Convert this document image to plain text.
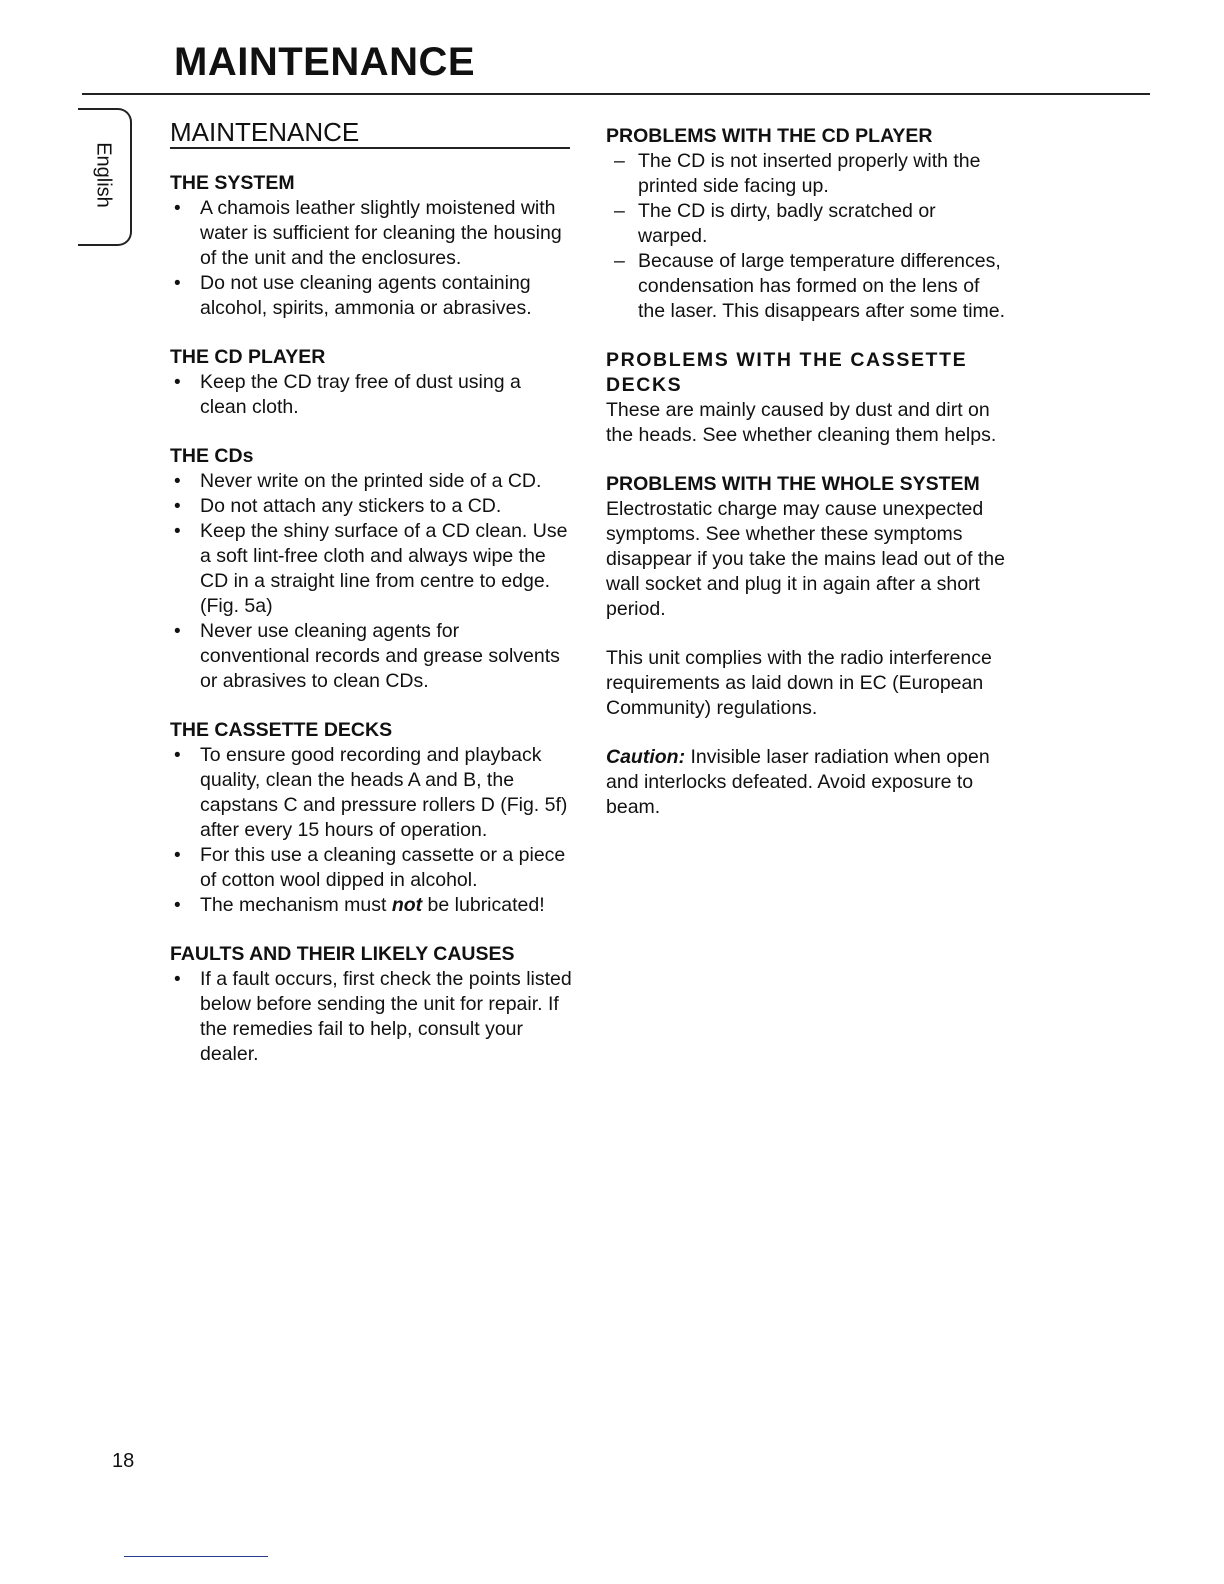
MAINTENANCE
English
MAINTENANCE
THE SYSTEM
• A chamois leather slightly moistened with water is sufficient for cleaning the housing of the unit and the enclosures.
• Do not use cleaning agents containing alcohol, spirits, ammonia or abrasives.
THE CD PLAYER
• Keep the CD tray free of dust using a clean cloth.
THE CDs
• Never write on the printed side of a CD.
• Do not attach any stickers to a CD.
• Keep the shiny surface of a CD clean. Use a soft lint-free cloth and always wipe the CD in a straight line from centre to edge. (Fig. 5a)
• Never use cleaning agents for conventional records and grease solvents or abrasives to clean CDs.
THE CASSETTE DECKS
• To ensure good recording and playback quality, clean the heads A and B, the capstans C and pressure rollers D (Fig. 5f) after every 15 hours of operation.
• For this use a cleaning cassette or a piece of cotton wool dipped in alcohol.
• The mechanism must not be lubricated!
FAULTS AND THEIR LIKELY CAUSES
• If a fault occurs, first check the points listed below before sending the unit for repair. If the remedies fail to help, consult your dealer.
PROBLEMS WITH THE CD PLAYER
– The CD is not inserted properly with the printed side facing up.
– The CD is dirty, badly scratched or warped.
– Because of large temperature differences, condensation has formed on the lens of the laser. This disappears after some time.
PROBLEMS WITH THE CASSETTE DECKS

These are mainly caused by dust and dirt on the heads. See whether cleaning them helps.

PROBLEMS WITH THE WHOLE SYSTEM

Electrostatic charge may cause unexpected symptoms. See whether these symptoms disappear if you take the mains lead out of the wall socket and plug it in again after a short period.

This unit complies with the radio interference requirements as laid down in EC (European Community) regulations.

Caution: Invisible laser radiation when open and interlocks defeated. Avoid exposure to beam.

18
